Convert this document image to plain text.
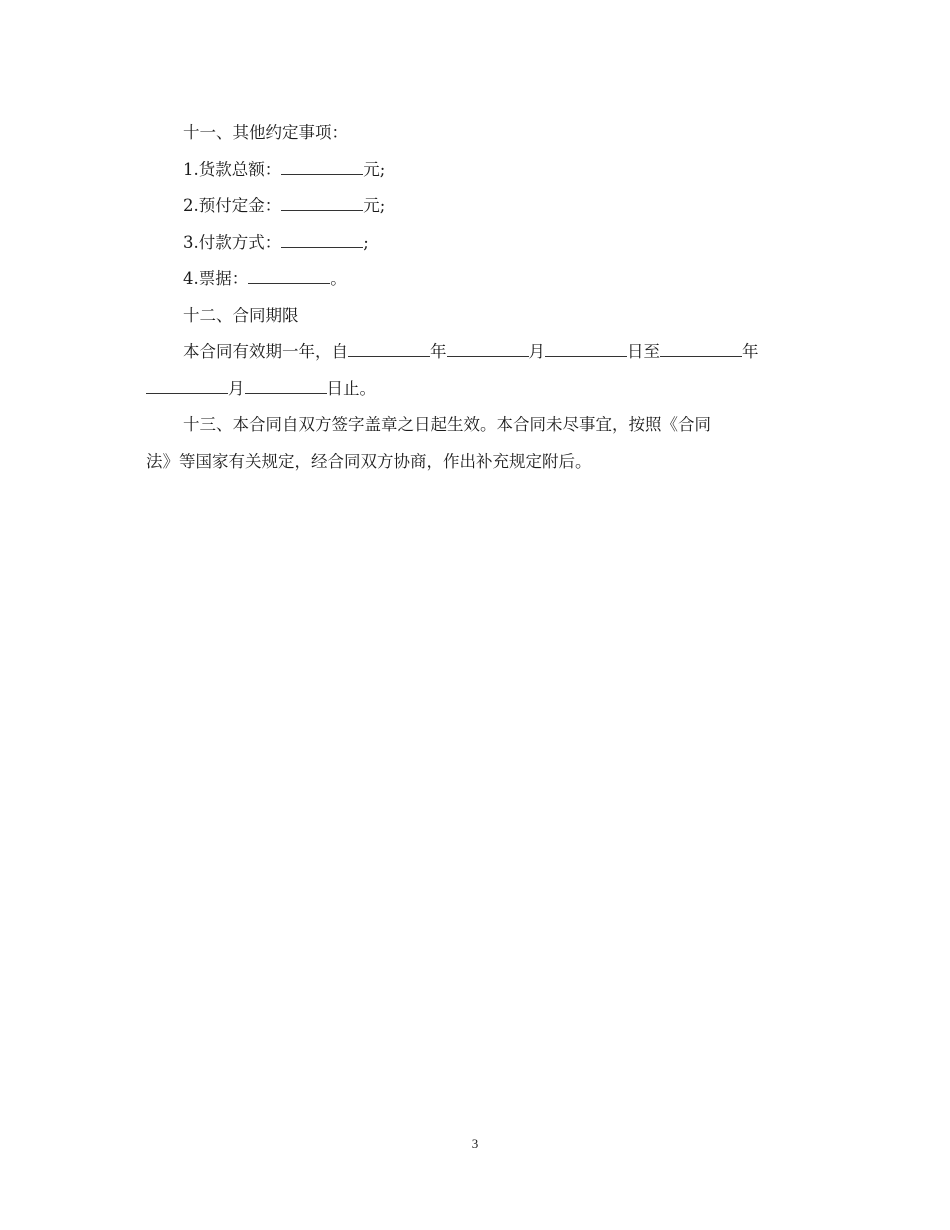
十一、其他约定事项：

1.货款总额：	元;

2.预付定金：	元;

3.付款方式：	;

4.票据：	。

十二、合同期限

本合同有效期一年，自	年	月	日至	年

月	日止。

十三、本合同自双方签字盖章之日起生效。本合同未尽事宜，按照《合同

法》等国家有关规定，经合同双方协商，作出补充规定附后。

3
